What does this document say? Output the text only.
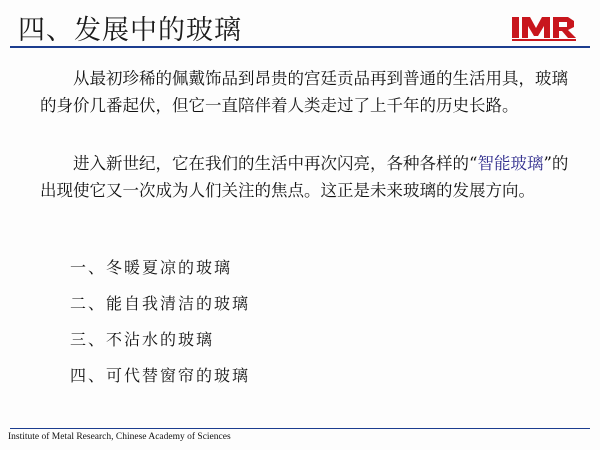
四、发展中的玻璃

从最初珍稀的佩戴饰品到昂贵的宫廷贡品再到普通的生活用具，玻璃的身价几番起伏，但它一直陪伴着人类走过了上千年的历史长路。

进入新世纪，它在我们的生活中再次闪亮，各种各样的“智能玻璃”的出现使它又一次成为人们关注的焦点。这正是未来玻璃的发展方向。

一、冬暖夏凉的玻璃
二、能自我清洁的玻璃
三、不沾水的玻璃
四、可代替窗帘的玻璃
Institute of Metal Research, Chinese Academy of Sciences
